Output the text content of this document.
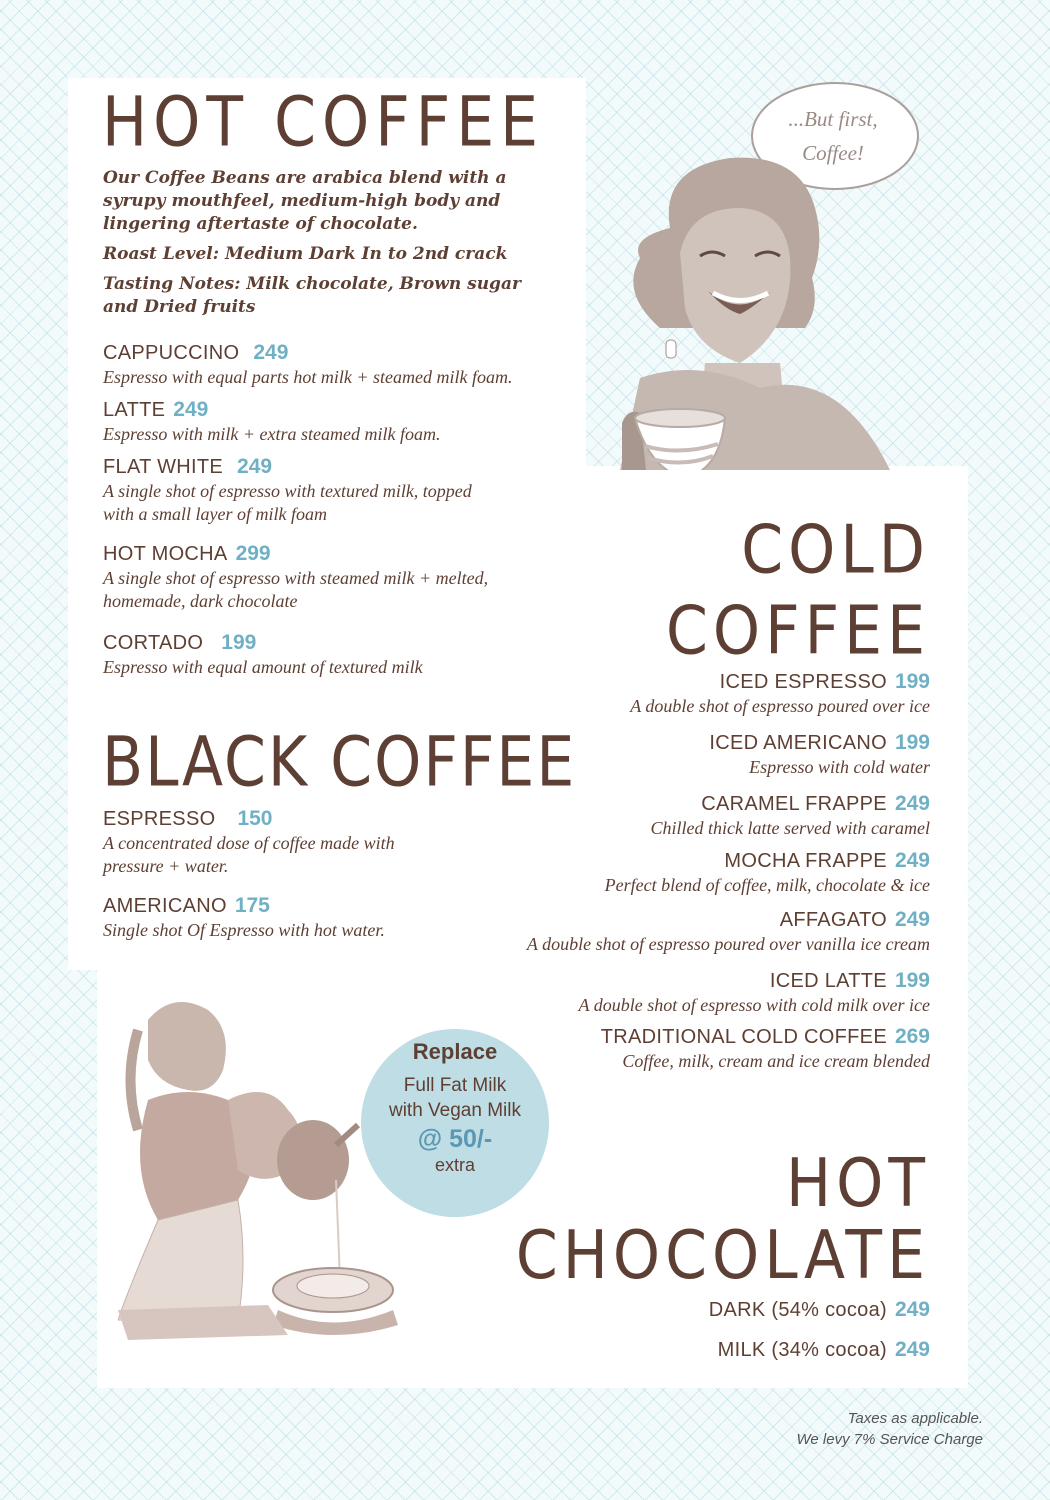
HOT COFFEE
Our Coffee Beans are arabica blend with a syrupy mouthfeel, medium-high body and lingering aftertaste of chocolate.
Roast Level: Medium Dark In to 2nd crack
Tasting Notes: Milk chocolate, Brown sugar and Dried fruits
CAPPUCCINO 249
Espresso with equal parts hot milk + steamed milk foam.
LATTE 249
Espresso with milk + extra steamed milk foam.
FLAT WHITE 249
A single shot of espresso with textured milk, topped with a small layer of milk foam
HOT MOCHA 299
A single shot of espresso with steamed milk + melted, homemade, dark chocolate
CORTADO 199
Espresso with equal amount of textured milk
...But first,
Coffee!
COLD
COFFEE
ICED ESPRESSO 199
A double shot of espresso poured over ice
ICED AMERICANO 199
Espresso with cold water
CARAMEL FRAPPE 249
Chilled thick latte served with caramel
MOCHA FRAPPE 249
Perfect blend of coffee, milk, chocolate & ice
AFFAGATO 249
A double shot of espresso poured over vanilla ice cream
ICED LATTE 199
A double shot of espresso with cold milk over ice
TRADITIONAL COLD COFFEE 269
Coffee, milk, cream and ice cream blended
BLACK COFFEE
ESPRESSO 150
A concentrated dose of coffee made with pressure + water.
AMERICANO 175
Single shot Of Espresso with hot water.
Replace
Full Fat Milk
with Vegan Milk
@ 50/-
extra	HOT
CHOCOLATE
DARK (54% cocoa) 249
MILK (34% cocoa) 249
Taxes as applicable.
We levy 7% Service Charge
